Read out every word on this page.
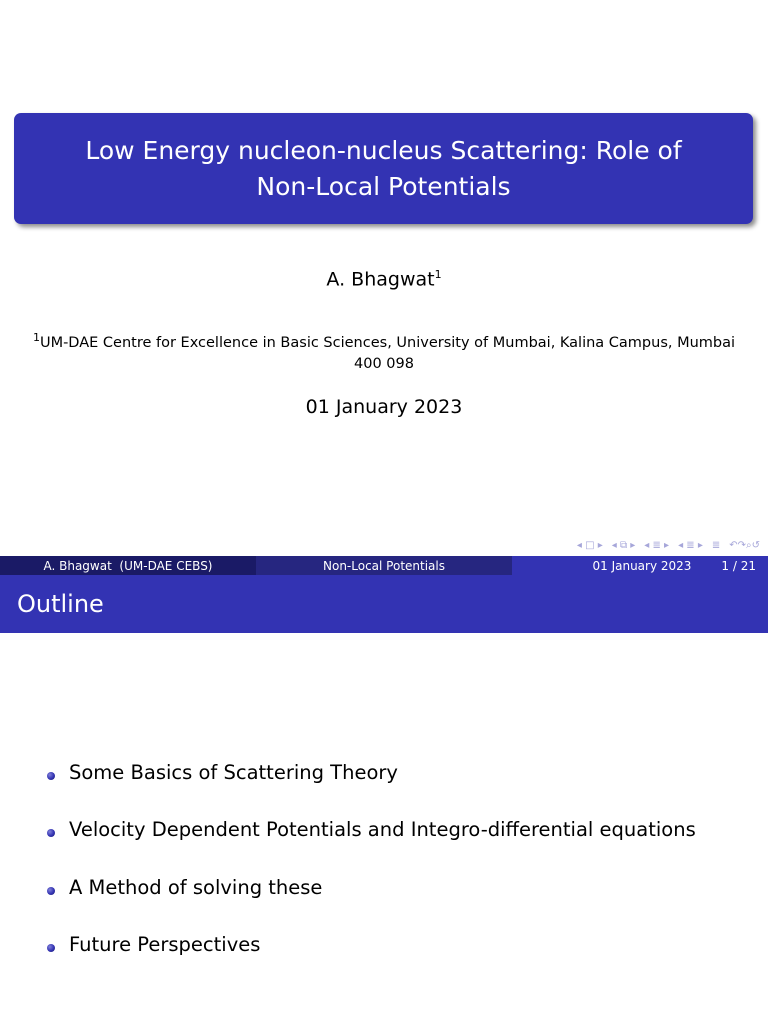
Low Energy nucleon-nucleus Scattering: Role of
Non-Local Potentials
A. Bhagwat$^1$
$^1$UM-DAE Centre for Excellence in Basic Sciences, University of Mumbai, Kalina Campus, Mumbai 400 098
01 January 2023
◂ □ ▸ ◂ ⧉ ▸ ◂ ≣ ▸ ◂ ≣ ▸ ≣ ↶↷⌕↺
A. Bhagwat  (UM-DAE CEBS)	Non-Local Potentials	01 January 2023	1 / 21
Outline
Some Basics of Scattering Theory
Velocity Dependent Potentials and Integro-differential equations
A Method of solving these
Future Perspectives
